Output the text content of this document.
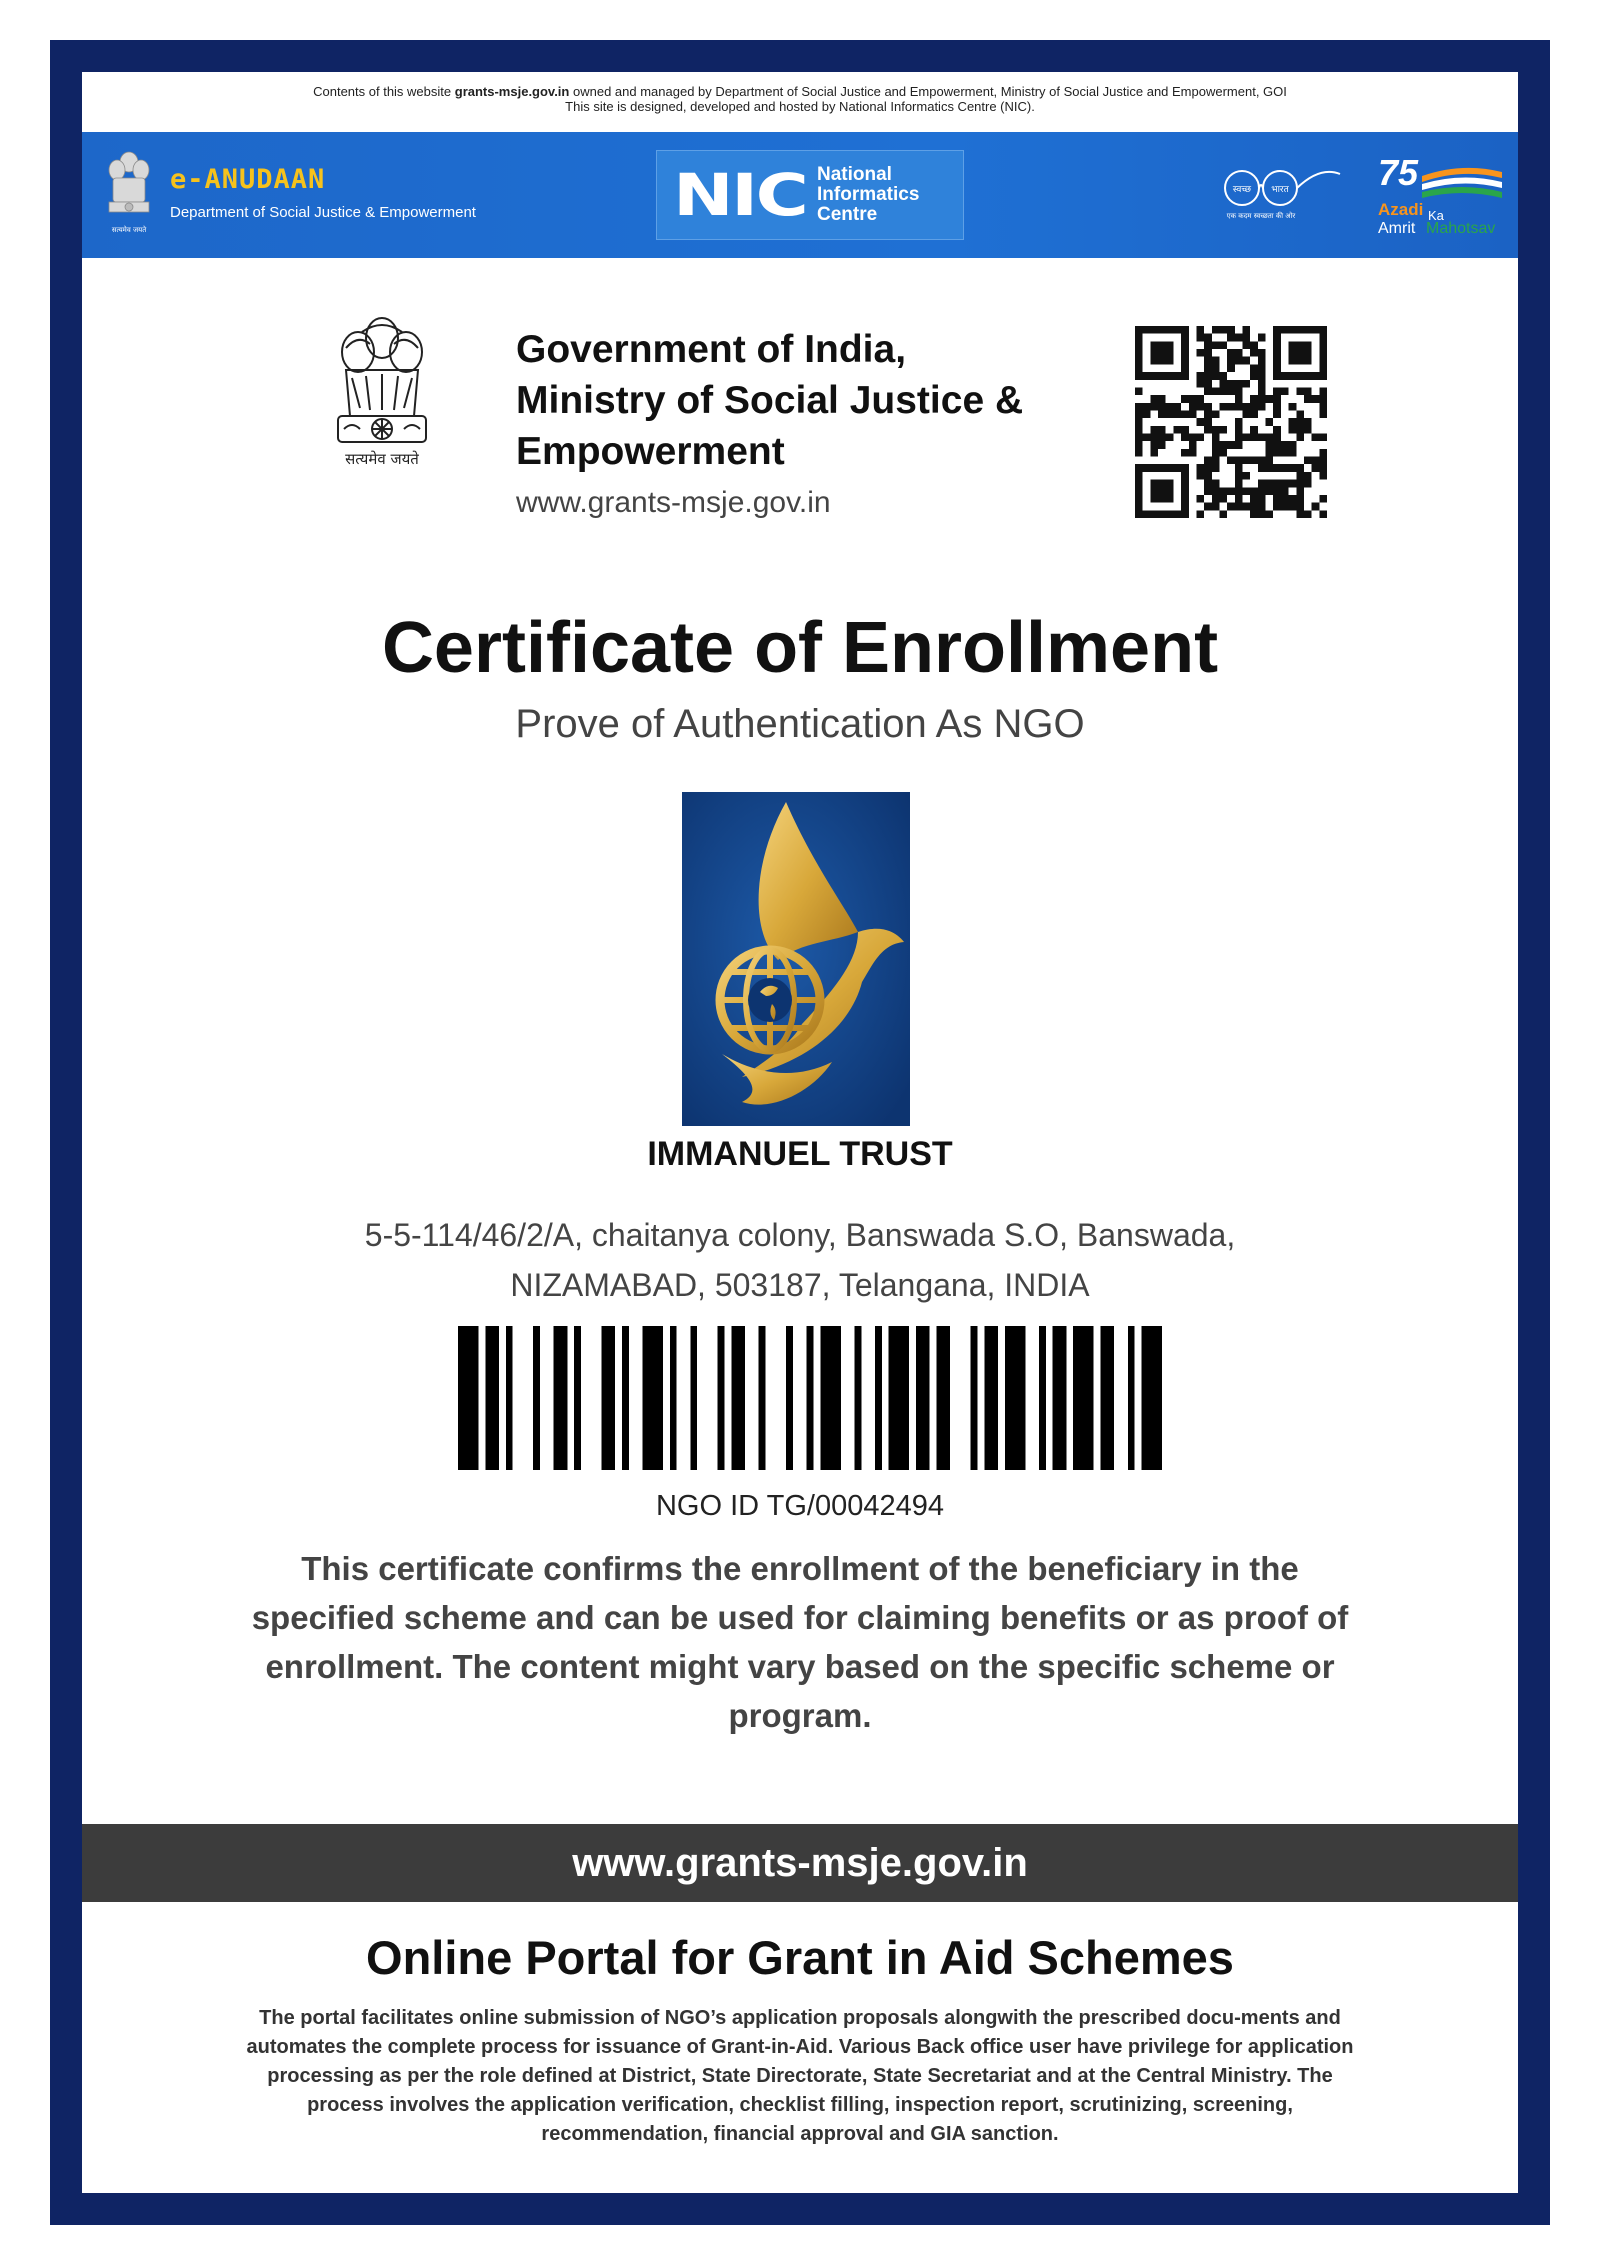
Contents of this website grants-msje.gov.in owned and managed by Department of Social Justice and Empowerment, Ministry of Social Justice and Empowerment, GOI
This site is designed, developed and hosted by National Informatics Centre (NIC).
सत्यमेव जयते
e-ANUDAAN
Department of Social Justice & Empowerment	NIC National
Informatics
Centre
स्वच्छ भारत
एक कदम स्वच्छता की ओर
75
Azadi Ka
Amrit Mahotsav
सत्यमेव जयते
Government of India,
Ministry of Social Justice &
Empowerment
www.grants-msje.gov.in
Certificate of Enrollment
Prove of Authentication As NGO
IMMANUEL TRUST
5-5-114/46/2/A, chaitanya colony, Banswada S.O, Banswada,
NIZAMABAD, 503187, Telangana, INDIA
NGO ID TG/00042494
This certificate confirms the enrollment of the beneficiary in the specified scheme and can be used for claiming benefits or as proof of enrollment. The content might vary based on the specific scheme or program.
www.grants-msje.gov.in
Online Portal for Grant in Aid Schemes
The portal facilitates online submission of NGO’s application proposals alongwith the prescribed docu-ments and automates the complete process for issuance of Grant-in-Aid. Various Back office user have privilege for application processing as per the role defined at District, State Directorate, State Secretariat and at the Central Ministry. The process involves the application verification, checklist filling, inspection report, scrutinizing, screening, recommendation, financial approval and GIA sanction.
